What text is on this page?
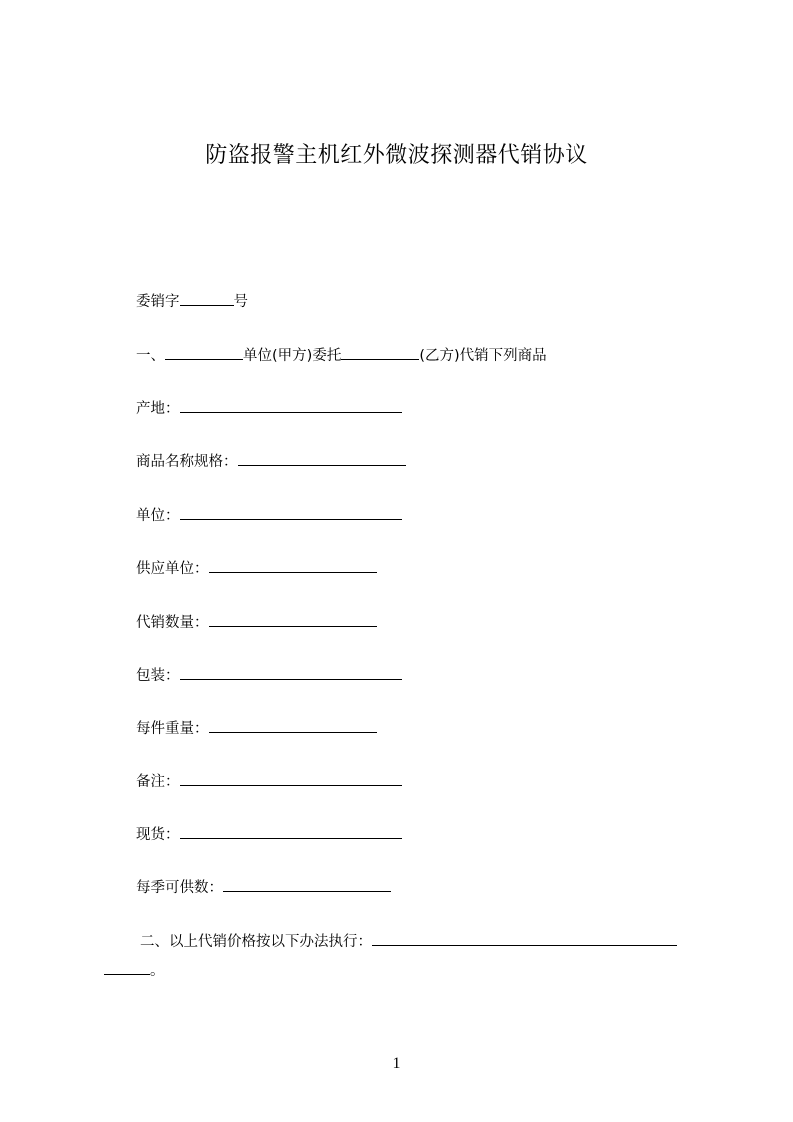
防盗报警主机红外微波探测器代销协议
委销字	号
一、	单位(甲方)委托	(乙方)代销下列商品
产地：
商品名称规格：
单位：
供应单位：
代销数量：
包装：
每件重量：
备注：
现货：
每季可供数：
二、以上代销价格按以下办法执行：
。
1
